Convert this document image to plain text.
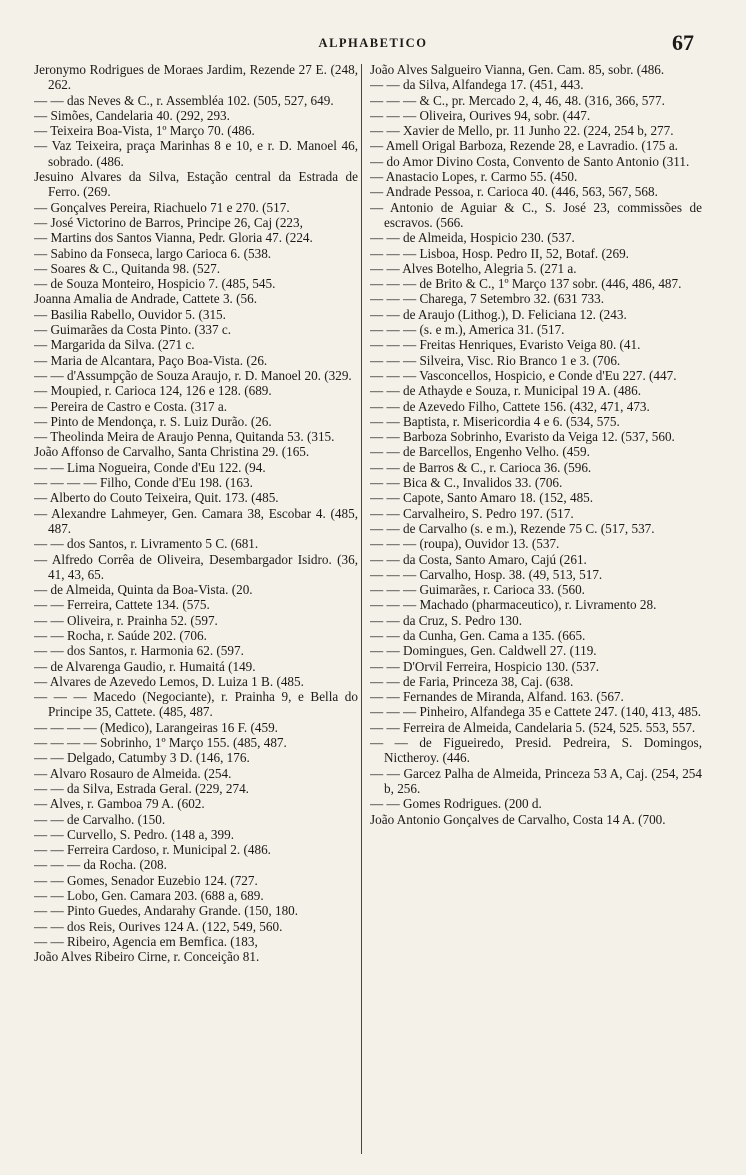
ALPHABETICO	67

Jeronymo Rodrigues de Moraes Jardim, Rezende 27 E. (248, 262.

— — das Neves & C., r. Assembléa 102. (505, 527, 649.

— Simões, Candelaria 40. (292, 293.

— Teixeira Boa-Vista, 1º Março 70. (486.

— Vaz Teixeira, praça Marinhas 8 e 10, e r. D. Manoel 46, sobrado. (486.

Jesuino Alvares da Silva, Estação central da Estrada de Ferro. (269.

— Gonçalves Pereira, Riachuelo 71 e 270. (517.

— José Victorino de Barros, Principe 26, Caj (223,

— Martins dos Santos Vianna, Pedr. Gloria 47. (224.

— Sabino da Fonseca, largo Carioca 6. (538.

— Soares & C., Quitanda 98. (527.

— de Souza Monteiro, Hospicio 7. (485, 545.

Joanna Amalia de Andrade, Cattete 3. (56.

— Basilia Rabello, Ouvidor 5. (315.

— Guimarães da Costa Pinto. (337 c.

— Margarida da Silva. (271 c.

— Maria de Alcantara, Paço Boa-Vista. (26.

— — d'Assumpção de Souza Araujo, r. D. Manoel 20. (329.

— Moupied, r. Carioca 124, 126 e 128. (689.

— Pereira de Castro e Costa. (317 a.

— Pinto de Mendonça, r. S. Luiz Durão. (26.

— Theolinda Meira de Araujo Penna, Quitanda 53. (315.

João Affonso de Carvalho, Santa Christina 29. (165.

— — Lima Nogueira, Conde d'Eu 122. (94.

— — — — Filho, Conde d'Eu 198. (163.

— Alberto do Couto Teixeira, Quit. 173. (485.

— Alexandre Lahmeyer, Gen. Camara 38, Escobar 4. (485, 487.

— — dos Santos, r. Livramento 5 C. (681.

— Alfredo Corrêa de Oliveira, Desembargador Isidro. (36, 41, 43, 65.

— de Almeida, Quinta da Boa-Vista. (20.

— — Ferreira, Cattete 134. (575.

— — Oliveira, r. Prainha 52. (597.

— — Rocha, r. Saúde 202. (706.

— — dos Santos, r. Harmonia 62. (597.

— de Alvarenga Gaudio, r. Humaitá (149.

— Alvares de Azevedo Lemos, D. Luiza 1 B. (485.

— — — Macedo (Negociante), r. Prainha 9, e Bella do Principe 35, Cattete. (485, 487.

— — — — (Medico), Larangeiras 16 F. (459.

— — — — Sobrinho, 1º Março 155. (485, 487.

— — Delgado, Catumby 3 D. (146, 176.

— Alvaro Rosauro de Almeida. (254.

— — da Silva, Estrada Geral. (229, 274.

— Alves, r. Gamboa 79 A. (602.

— — de Carvalho. (150.

— — Curvello, S. Pedro. (148 a, 399.

— — Ferreira Cardoso, r. Municipal 2. (486.

— — — da Rocha. (208.

— — Gomes, Senador Euzebio 124. (727.

— — Lobo, Gen. Camara 203. (688 a, 689.

— — Pinto Guedes, Andarahy Grande. (150, 180.

— — dos Reis, Ourives 124 A. (122, 549, 560.

— — Ribeiro, Agencia em Bemfica. (183,

João Alves Ribeiro Cirne, r. Conceição 81.

João Alves Salgueiro Vianna, Gen. Cam. 85, sobr. (486.

— — da Silva, Alfandega 17. (451, 443.

— — — & C., pr. Mercado 2, 4, 46, 48. (316, 366, 577.

— — — Oliveira, Ourives 94, sobr. (447.

— — Xavier de Mello, pr. 11 Junho 22. (224, 254 b, 277.

— Amell Origal Barboza, Rezende 28, e Lavradio. (175 a.

— do Amor Divino Costa, Convento de Santo Antonio (311.

— Anastacio Lopes, r. Carmo 55. (450.

— Andrade Pessoa, r. Carioca 40. (446, 563, 567, 568.

— Antonio de Aguiar & C., S. José 23, commissões de escravos. (566.

— — de Almeida, Hospicio 230. (537.

— — — Lisboa, Hosp. Pedro II, 52, Botaf. (269.

— — Alves Botelho, Alegria 5. (271 a.

— — — de Brito & C., 1º Março 137 sobr. (446, 486, 487.

— — — Charega, 7 Setembro 32. (631 733.

— — de Araujo (Lithog.), D. Feliciana 12. (243.

— — — (s. e m.), America 31. (517.

— — — Freitas Henriques, Evaristo Veiga 80. (41.

— — — Silveira, Visc. Rio Branco 1 e 3. (706.

— — — Vasconcellos, Hospicio, e Conde d'Eu 227. (447.

— — de Athayde e Souza, r. Municipal 19 A. (486.

— — de Azevedo Filho, Cattete 156. (432, 471, 473.

— — Baptista, r. Misericordia 4 e 6. (534, 575.

— — Barboza Sobrinho, Evaristo da Veiga 12. (537, 560.

— — de Barcellos, Engenho Velho. (459.

— — de Barros & C., r. Carioca 36. (596.

— — Bica & C., Invalidos 33. (706.

— — Capote, Santo Amaro 18. (152, 485.

— — Carvalheiro, S. Pedro 197. (517.

— — de Carvalho (s. e m.), Rezende 75 C. (517, 537.

— — — (roupa), Ouvidor 13. (537.

— — da Costa, Santo Amaro, Cajú (261.

— — — Carvalho, Hosp. 38. (49, 513, 517.

— — — Guimarães, r. Carioca 33. (560.

— — — Machado (pharmaceutico), r. Livramento 28.

— — da Cruz, S. Pedro 130.

— — da Cunha, Gen. Cama a 135. (665.

— — Domingues, Gen. Caldwell 27. (119.

— — D'Orvil Ferreira, Hospicio 130. (537.

— — de Faria, Princeza 38, Caj. (638.

— — Fernandes de Miranda, Alfand. 163. (567.

— — — Pinheiro, Alfandega 35 e Cattete 247. (140, 413, 485.

— — Ferreira de Almeida, Candelaria 5. (524, 525. 553, 557.

— — de Figueiredo, Presid. Pedreira, S. Domingos, Nictheroy. (446.

— — Garcez Palha de Almeida, Princeza 53 A, Caj. (254, 254 b, 256.

— — Gomes Rodrigues. (200 d.

João Antonio Gonçalves de Carvalho, Costa 14 A. (700.
